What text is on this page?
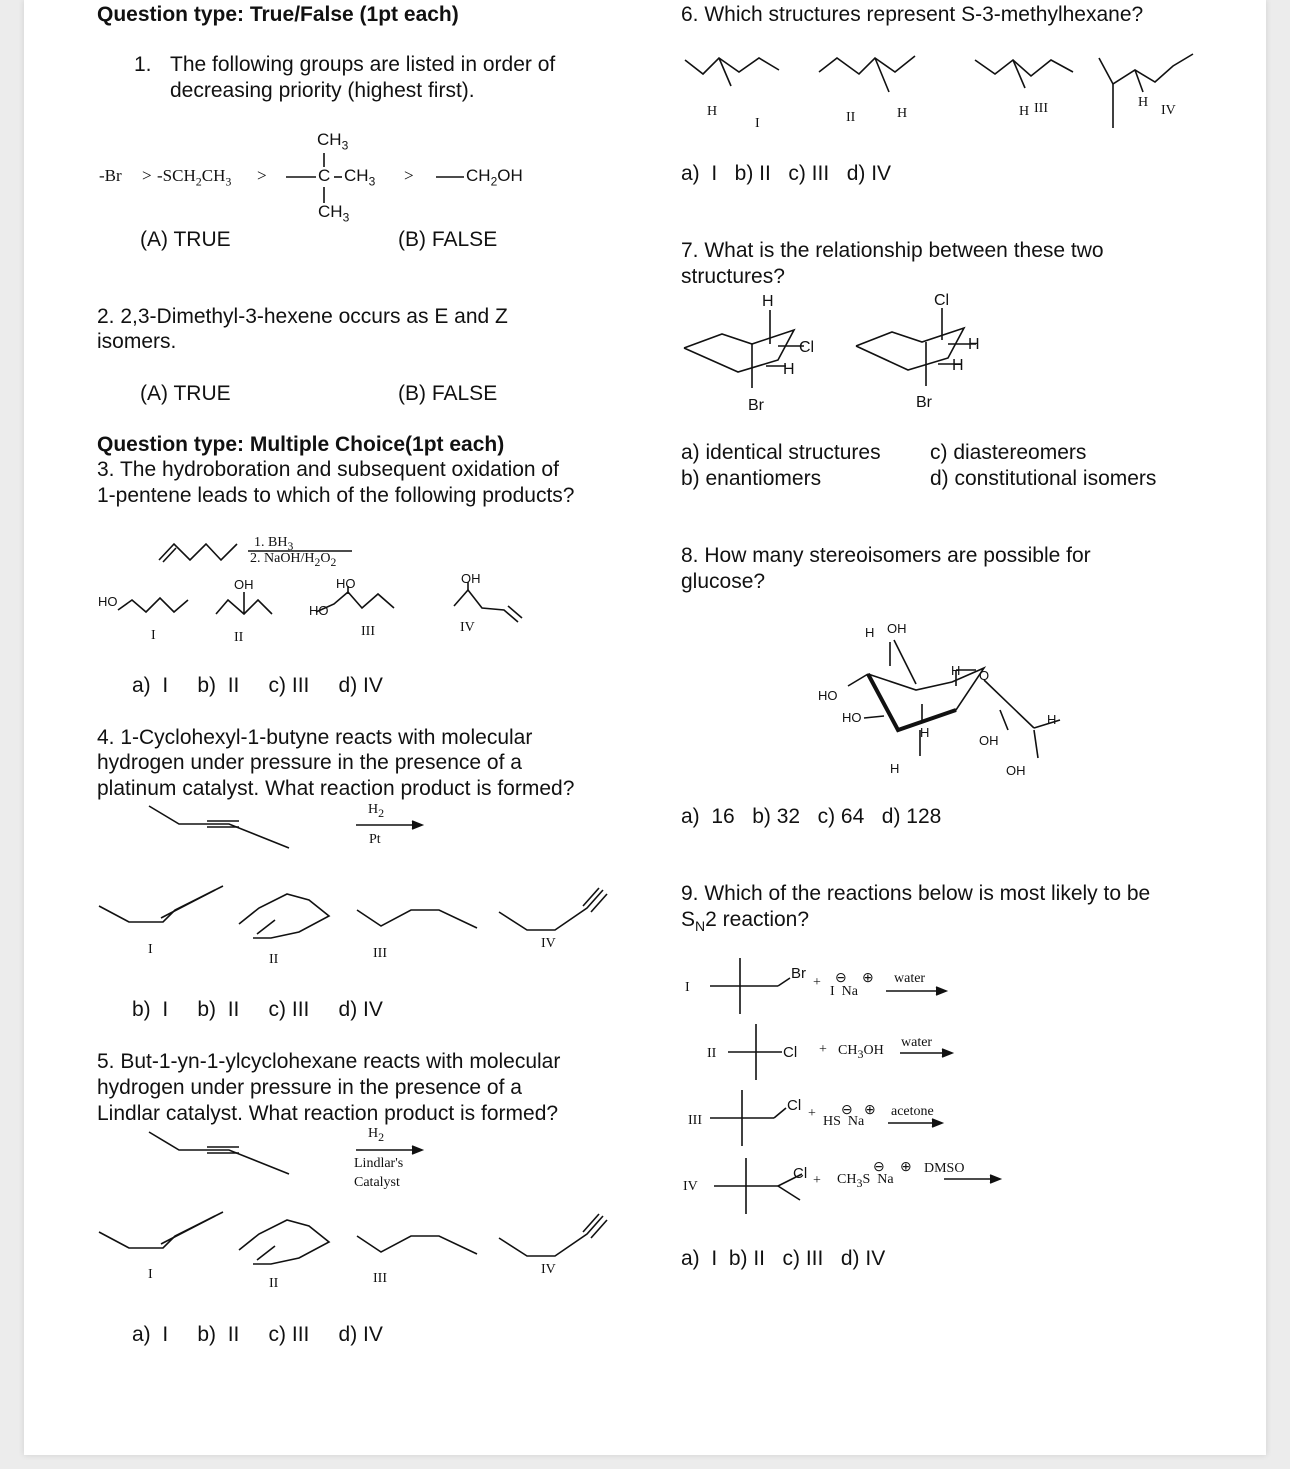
Question type: True/False (1pt each)
1. The following groups are listed in order of
decreasing priority (highest first).
$-Br > -SCH_2CH_3$ >
$CH_3$
C $CH_3$
$CH_3$
>	$CH_2OH$
(A) TRUE	(B) FALSE
2. 2,3-Dimethyl-3-hexene occurs as E and Z
isomers.
(A) TRUE	(B) FALSE
Question type: Multiple Choice(1pt each)
3. The hydroboration and subsequent oxidation of
1-pentene leads to which of the following products?
1. $BH_3$
2. NaOH/$H_2O_2$
HO
OH	HO
HO
OH
I	II	III	IV
a)  I     b)  II     c) III     d) IV
4. 1-Cyclohexyl-1-butyne reacts with molecular
hydrogen under pressure in the presence of a
platinum catalyst. What reaction product is formed?
$H_2$
Pt
I
II	III
IV
b)  I     b)  II     c) III     d) IV
5. But-1-yn-1-ylcyclohexane reacts with molecular
hydrogen under pressure in the presence of a
Lindlar catalyst. What reaction product is formed?
$H_2$
Lindlar's
Catalyst
I
II	III
IV
a)  I     b)  II     c) III     d) IV
6. Which structures represent S-3-methylhexane?
H
I	II	H	H III	H
IV
a)  I   b) II   c) III   d) IV
7. What is the relationship between these two
structures?
H
Cl
H
Br
Cl
H
H
Br
a) identical structures
b) enantiomers
c) diastereomers
d) constitutional isomers
8. How many stereoisomers are possible for
glucose?
H OH
H O
HO
HO	H
H
OH
H	OH
a)  16   b) 32   c) 64   d) 128
9. Which of the reactions below is most likely to be
$S_N2$ reaction?
I
Br
+ ⊖ ⊕
I  Na
water
II	$Cl + CH_3OH$
water
III
Cl + ⊖ ⊕
HS  Na
acetone
IV
Cl +
⊖ ⊕
$CH_3S$  Na
DMSO
a)  I  b) II   c) III   d) IV
